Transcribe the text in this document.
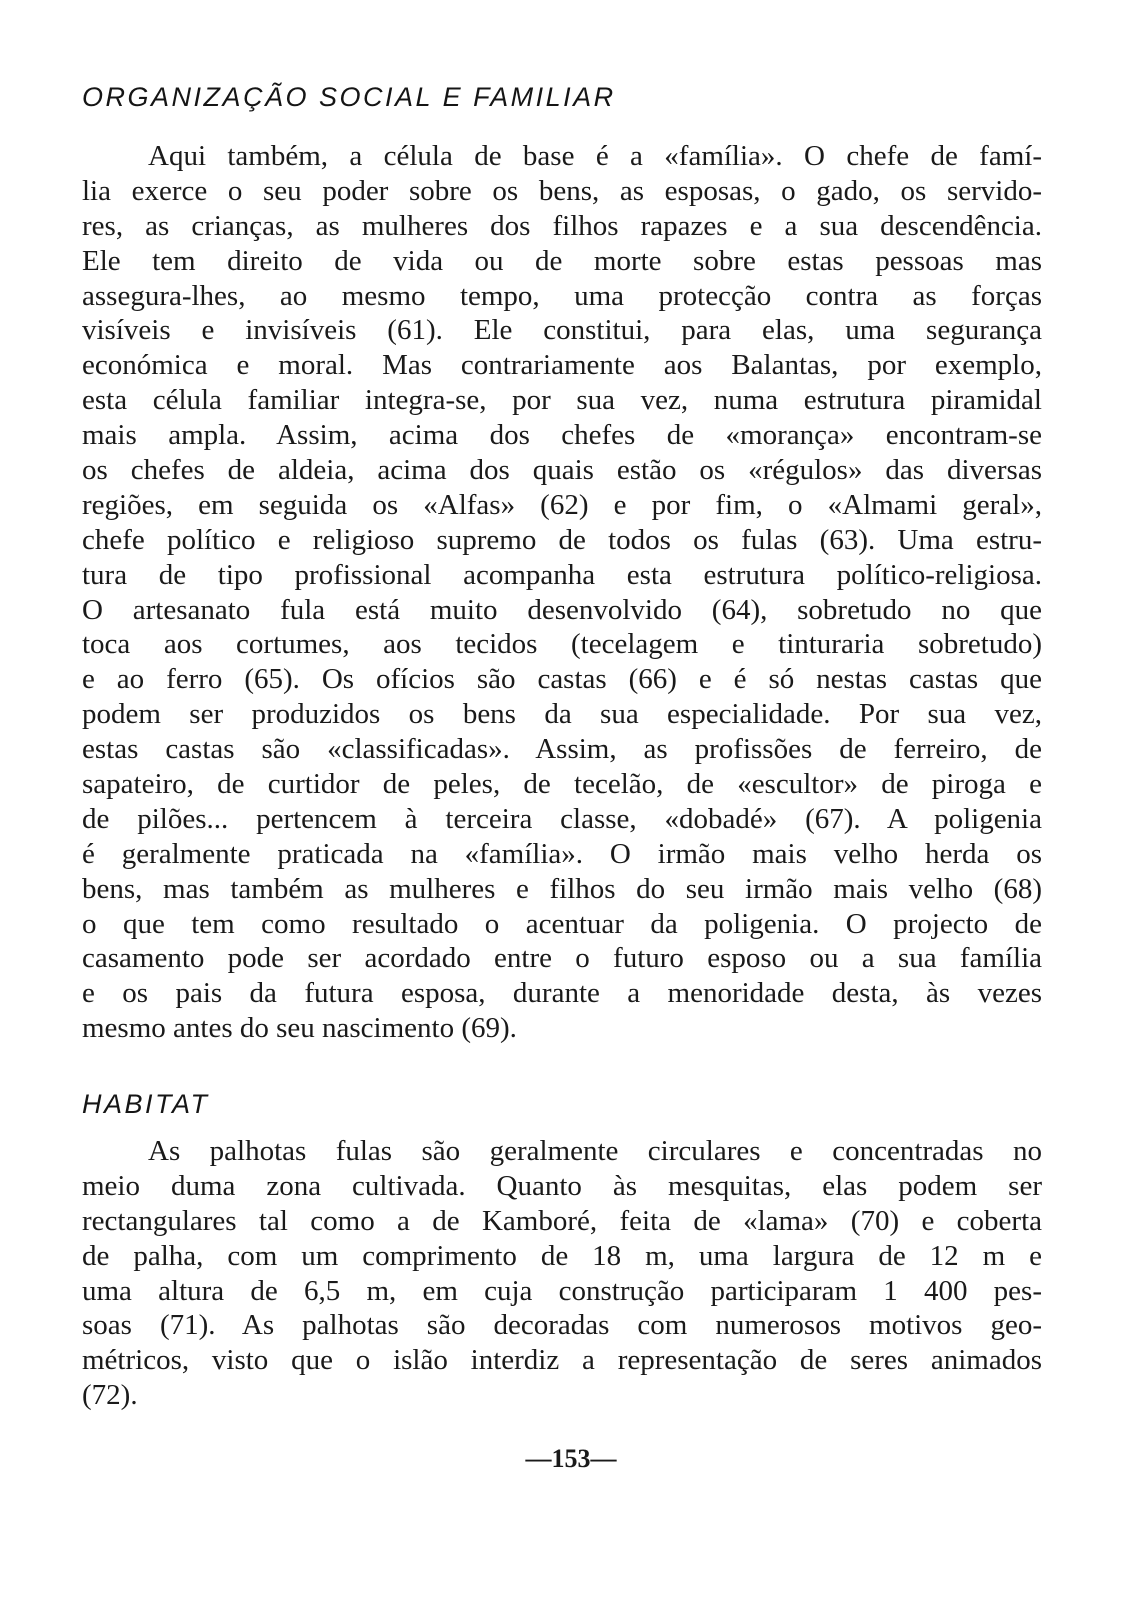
ORGANIZAÇÃO SOCIAL E FAMILIAR
Aqui também, a célula de base é a «família». O chefe de famí-
lia exerce o seu poder sobre os bens, as esposas, o gado, os servido-
res, as crianças, as mulheres dos filhos rapazes e a sua descendência.
Ele tem direito de vida ou de morte sobre estas pessoas mas
assegura-lhes, ao mesmo tempo, uma protecção contra as forças
visíveis e invisíveis (61). Ele constitui, para elas, uma segurança
económica e moral. Mas contrariamente aos Balantas, por exemplo,
esta célula familiar integra-se, por sua vez, numa estrutura piramidal
mais ampla. Assim, acima dos chefes de «morança» encontram-se
os chefes de aldeia, acima dos quais estão os «régulos» das diversas
regiões, em seguida os «Alfas» (62) e por fim, o «Almami geral»,
chefe político e religioso supremo de todos os fulas (63). Uma estru-
tura de tipo profissional acompanha esta estrutura político-religiosa.
O artesanato fula está muito desenvolvido (64), sobretudo no que
toca aos cortumes, aos tecidos (tecelagem e tinturaria sobretudo)
e ao ferro (65). Os ofícios são castas (66) e é só nestas castas que
podem ser produzidos os bens da sua especialidade. Por sua vez,
estas castas são «classificadas». Assim, as profissões de ferreiro, de
sapateiro, de curtidor de peles, de tecelão, de «escultor» de piroga e
de pilões... pertencem à terceira classe, «dobadé» (67). A poligenia
é geralmente praticada na «família». O irmão mais velho herda os
bens, mas também as mulheres e filhos do seu irmão mais velho (68)
o que tem como resultado o acentuar da poligenia. O projecto de
casamento pode ser acordado entre o futuro esposo ou a sua família
e os pais da futura esposa, durante a menoridade desta, às vezes
mesmo antes do seu nascimento (69).
HABITAT
As palhotas fulas são geralmente circulares e concentradas no
meio duma zona cultivada. Quanto às mesquitas, elas podem ser
rectangulares tal como a de Kamboré, feita de «lama» (70) e coberta
de palha, com um comprimento de 18 m, uma largura de 12 m e
uma altura de 6,5 m, em cuja construção participaram 1 400 pes-
soas (71). As palhotas são decoradas com numerosos motivos geo-
métricos, visto que o islão interdiz a representação de seres animados
(72).
—153—
